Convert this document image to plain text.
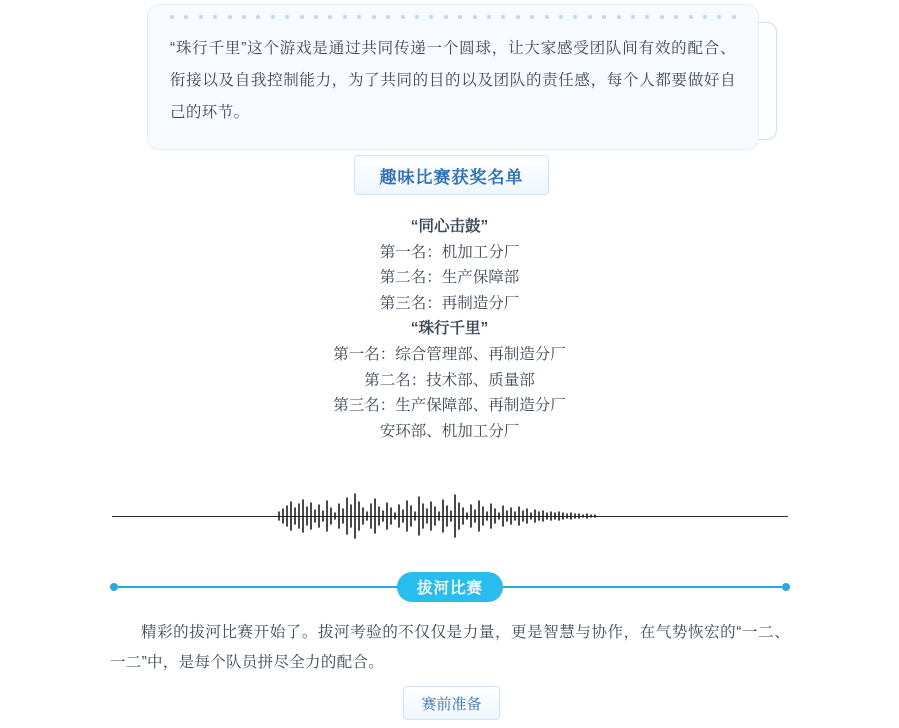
“珠行千里”这个游戏是通过共同传递一个圆球，让大家感受团队间有效的配合、衔接以及自我控制能力，为了共同的目的以及团队的责任感，每个人都要做好自己的环节。
趣味比赛获奖名单
“同心击鼓”
第一名：机加工分厂
第二名：生产保障部
第三名：再制造分厂
“珠行千里”
第一名：综合管理部、再制造分厂
第二名：技术部、质量部
第三名：生产保障部、再制造分厂
安环部、机加工分厂
拔河比赛
精彩的拔河比赛开始了。拔河考验的不仅仅是力量，更是智慧与协作，在气势恢宏的“一二、一二”中，是每个队员拼尽全力的配合。
赛前准备
